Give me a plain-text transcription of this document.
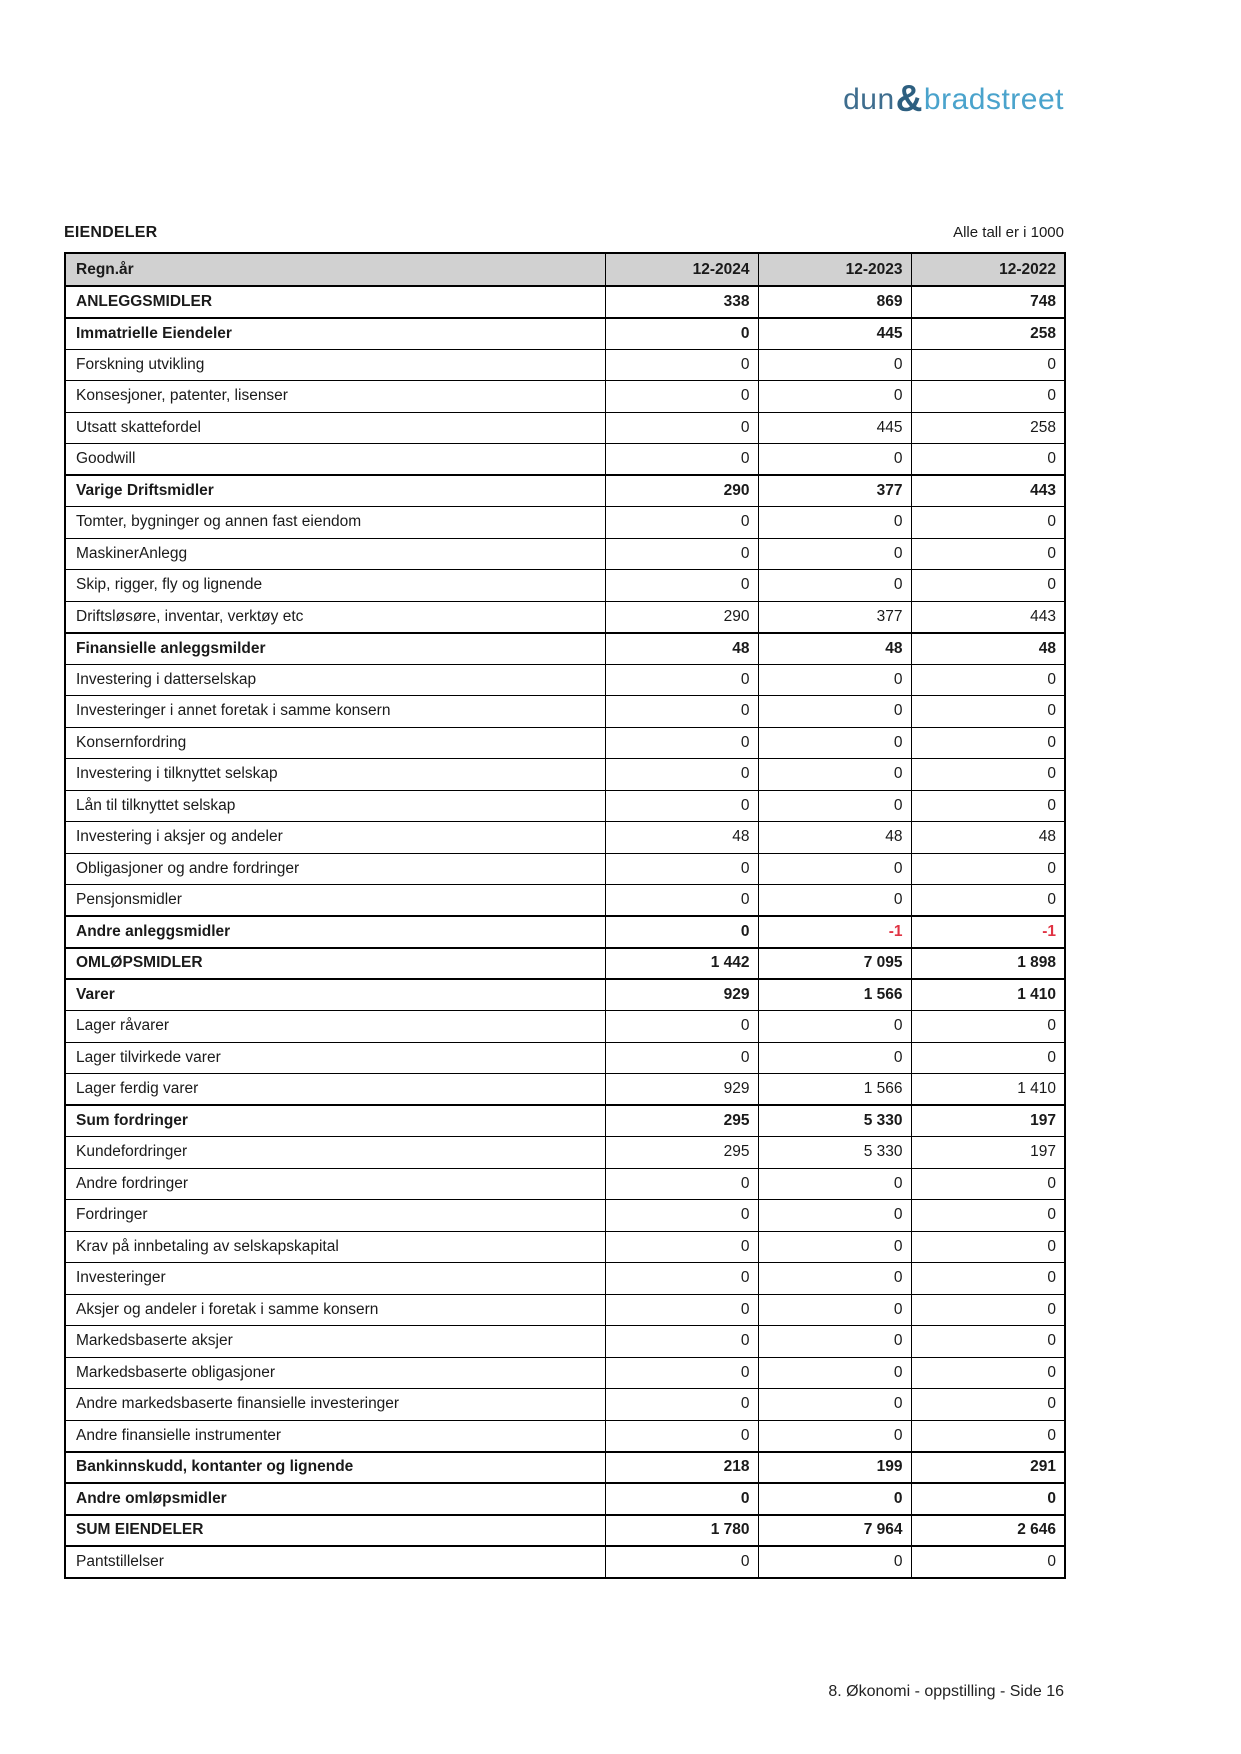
dun&bradstreet
EIENDELER	Alle tall er i 1000
Regn.år	12-2024	12-2023	12-2022
ANLEGGSMIDLER	338	869	748
Immatrielle Eiendeler	0	445	258
Forskning utvikling	0	0	0
Konsesjoner, patenter, lisenser	0	0	0
Utsatt skattefordel	0	445	258
Goodwill	0	0	0
Varige Driftsmidler	290	377	443
Tomter, bygninger og annen fast eiendom	0	0	0
MaskinerAnlegg	0	0	0
Skip, rigger, fly og lignende	0	0	0
Driftsløsøre, inventar, verktøy etc	290	377	443
Finansielle anleggsmilder	48	48	48
Investering i datterselskap	0	0	0
Investeringer i annet foretak i samme konsern	0	0	0
Konsernfordring	0	0	0
Investering i tilknyttet selskap	0	0	0
Lån til tilknyttet selskap	0	0	0
Investering i aksjer og andeler	48	48	48
Obligasjoner og andre fordringer	0	0	0
Pensjonsmidler	0	0	0
Andre anleggsmidler	0	-1	-1
OMLØPSMIDLER	1 442	7 095	1 898
Varer	929	1 566	1 410
Lager råvarer	0	0	0
Lager tilvirkede varer	0	0	0
Lager ferdig varer	929	1 566	1 410
Sum fordringer	295	5 330	197
Kundefordringer	295	5 330	197
Andre fordringer	0	0	0
Fordringer	0	0	0
Krav på innbetaling av selskapskapital	0	0	0
Investeringer	0	0	0
Aksjer og andeler i foretak i samme konsern	0	0	0
Markedsbaserte aksjer	0	0	0
Markedsbaserte obligasjoner	0	0	0
Andre markedsbaserte finansielle investeringer	0	0	0
Andre finansielle instrumenter	0	0	0
Bankinnskudd, kontanter og lignende	218	199	291
Andre omløpsmidler	0	0	0
SUM EIENDELER	1 780	7 964	2 646
Pantstillelser	0	0	0
8. Økonomi - oppstilling - Side 16
